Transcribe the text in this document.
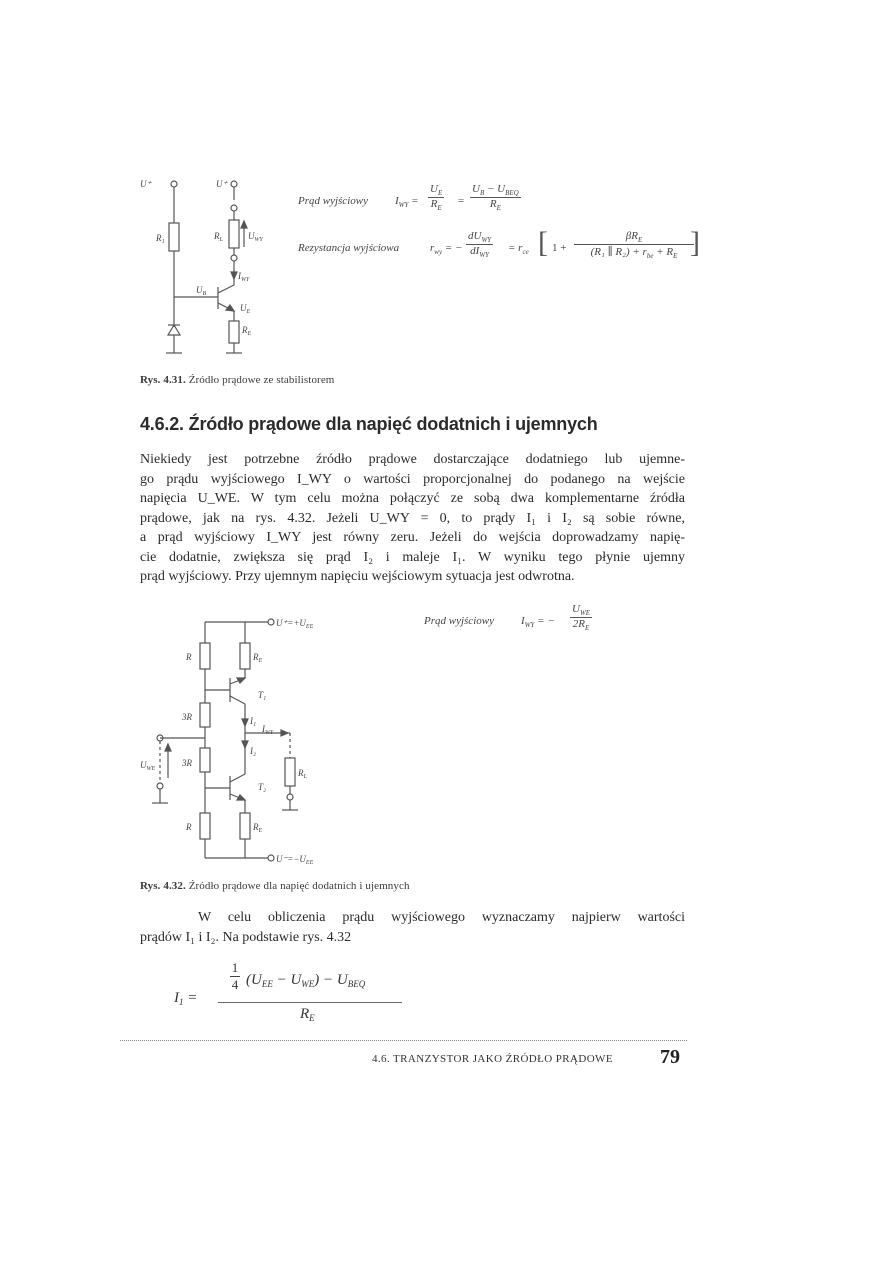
U⁺	U⁺
R₁	$R_L$	$U_{WY}$
$I_{WY}$
$U_B$
$U_E$
$R_E$
Prąd wyjściowy $I_{WY} = \frac{U_E}{R_E}$ =
$U_B - U_{BEQ}$
$R_E$
Rezystancja wyjściowa	$r_{wy}$ = −
$dU_{WY}$
$dI_{WY}$
= $r_{ce}$ [ 1 +
$\beta R_E$
(R₁ ∥ $R_2) + r_{be} + R_E$ ]
Rys. 4.31. Źródło prądowe ze stabilistorem
4.6.2. Źródło prądowe dla napięć dodatnich i ujemnych
Niekiedy jest potrzebne źródło prądowe dostarczające dodatniego lub ujemne-
go prądu wyjściowego I_WY o wartości proporcjonalnej do podanego na wejście
napięcia U_WE. W tym celu można połączyć ze sobą dwa komplementarne źródła
prądowe, jak na rys. 4.32. Jeżeli U_WY = 0, to prądy I₁ i I₂ są sobie równe,
a prąd wyjściowy I_WY jest równy zeru. Jeżeli do wejścia doprowadzamy napię-
cie dodatnie, zwiększa się prąd I₂ i maleje I₁. W wyniku tego płynie ujemny
prąd wyjściowy. Przy ujemnym napięciu wejściowym sytuacja jest odwrotna.
$U^+=+U_{EE}$
R	$R_E$
T₁
3R	I₁
$I_{WY}$
I₂
$U_{WE}$
3R
T₂
$R_L$
R	$R_E$
$U^-=-U_{EE}$
Prąd wyjściowy $I_{WY}$ = −
$U_{WE}$
$2R_E$
Rys. 4.32. Źródło prądowe dla napięć dodatnich i ujemnych
W celu obliczenia prądu wyjściowego wyznaczamy najpierw wartości
prądów I₁ i I₂. Na podstawie rys. 4.32
$I_1$ =
1
4 $(U_{EE} - U_{WE}) - U_{BEQ}$
$R_E$
4.6. TRANZYSTOR JAKO ŹRÓDŁO PRĄDOWE 79
